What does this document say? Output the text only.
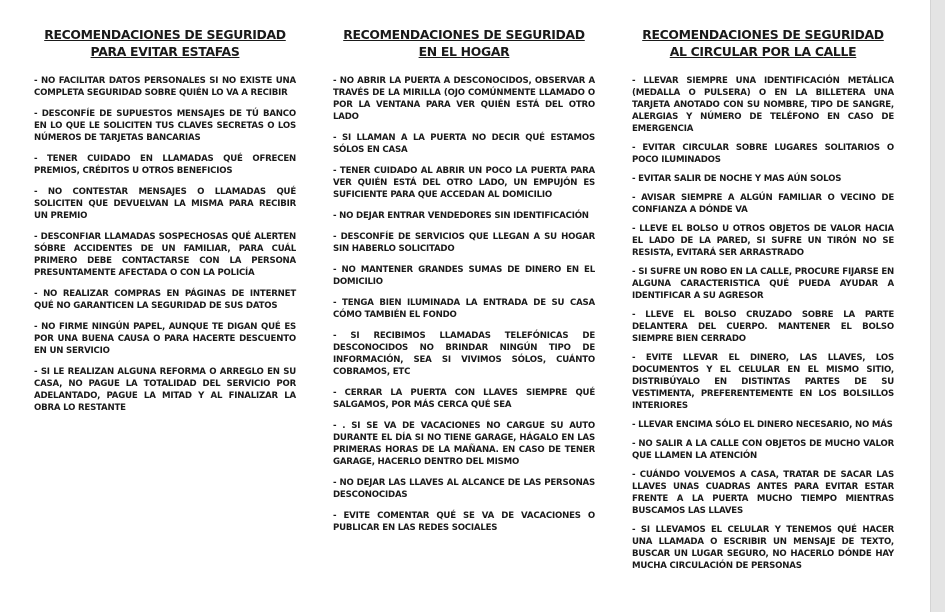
RECOMENDACIONES DE SEGURIDAD PARA EVITAR ESTAFAS
- NO FACILITAR DATOS PERSONALES SI NO EXISTE UNA COMPLETA SEGURIDAD SOBRE QUIÉN LO VA A RECIBIR
- DESCONFÍE DE SUPUESTOS MENSAJES DE TÚ BANCO EN LO QUE LE SOLICITEN TUS CLAVES SECRETAS O LOS NÚMEROS DE TARJETAS BANCARIAS
- TENER CUIDADO EN LLAMADAS QUÉ OFRECEN PREMIOS, CRÉDITOS U OTROS BENEFICIOS
- NO CONTESTAR MENSAJES O LLAMADAS QUÉ SOLICITEN QUE DEVUELVAN LA MISMA PARA RECIBIR UN PREMIO
- DESCONFIAR LLAMADAS SOSPECHOSAS QUÉ ALERTEN SÓBRE ACCIDENTES DE UN FAMILIAR, PARA CUÁL PRIMERO DEBE CONTACTARSE CON LA PERSONA PRESUNTAMENTE AFECTADA O CON LA POLICÍA
- NO REALIZAR COMPRAS EN PÁGINAS DE INTERNET QUÉ NO GARANTICEN LA SEGURIDAD DE SUS DATOS
- NO FIRME NINGÚN PAPEL, AUNQUE TE DIGAN QUÉ ES POR UNA BUENA CAUSA O PARA HACERTE DESCUENTO EN UN SERVICIO
- SI LE REALIZAN ALGUNA REFORMA O ARREGLO EN SU CASA, NO PAGUE LA TOTALIDAD DEL SERVICIO POR ADELANTADO, PAGUE LA MITAD Y AL FINALIZAR LA OBRA LO RESTANTE
RECOMENDACIONES DE SEGURIDAD EN EL HOGAR
- NO ABRIR LA PUERTA A DESCONOCIDOS, OBSERVAR A TRAVÉS DE LA MIRILLA (OJO COMÚNMENTE LLAMADO O POR LA VENTANA PARA VER QUIÉN ESTÁ DEL OTRO LADO
- SI LLAMAN A LA PUERTA NO DECIR QUÉ ESTAMOS SÓLOS EN CASA
- TENER CUIDADO AL ABRIR UN POCO LA PUERTA PARA VER QUIÉN ESTÁ DEL OTRO LADO, UN EMPUJÓN ES SUFICIENTE PARA QUE ACCEDAN AL DOMICILIO
- NO DEJAR ENTRAR VENDEDORES SIN IDENTIFICACIÓN
- DESCONFÍE DE SERVICIOS QUE LLEGAN A SU HOGAR SIN HABERLO SOLICITADO
- NO MANTENER GRANDES SUMAS DE DINERO EN EL DOMICILIO
- TENGA BIEN ILUMINADA LA ENTRADA DE SU CASA CÓMO TAMBIÉN EL FONDO
- SI RECIBIMOS LLAMADAS TELEFÓNICAS DE DESCONOCIDOS NO BRINDAR NINGÚN TIPO DE INFORMACIÓN, SEA SI VIVIMOS SÓLOS, CUÁNTO COBRAMOS, ETC
- CERRAR LA PUERTA CON LLAVES SIEMPRE QUÉ SALGAMOS, POR MÁS CERCA QUÉ SEA
- . SI SE VA DE VACACIONES NO CARGUE SU AUTO DURANTE EL DÍA SI NO TIENE GARAGE, HÁGALO EN LAS PRIMERAS HORAS DE LA MAÑANA. EN CASO DE TENER GARAGE, HACERLO DENTRO DEL MISMO
- NO DEJAR LAS LLAVES AL ALCANCE DE LAS PERSONAS DESCONOCIDAS
- EVITE COMENTAR QUÉ SE VA DE VACACIONES O PUBLICAR EN LAS REDES SOCIALES
RECOMENDACIONES DE SEGURIDAD AL CIRCULAR POR LA CALLE
- LLEVAR SIEMPRE UNA IDENTIFICACIÓN METÁLICA (MEDALLA O PULSERA) O EN LA BILLETERA UNA TARJETA ANOTADO CON SU NOMBRE, TIPO DE SANGRE, ALERGIAS Y NÚMERO DE TELÉFONO EN CASO DE EMERGENCIA
- EVITAR CIRCULAR SOBRE LUGARES SOLITARIOS O POCO ILUMINADOS
- EVITAR SALIR DE NOCHE Y MAS AÚN SOLOS
- AVISAR SIEMPRE A ALGÚN FAMILIAR O VECINO DE CONFIANZA A DÓNDE VA
- LLEVE EL BOLSO U OTROS OBJETOS DE VALOR HACIA EL LADO DE LA PARED, SI SUFRE UN TIRÓN NO SE RESISTA, EVITARÁ SER ARRASTRADO
- SI SUFRE UN ROBO EN LA CALLE, PROCURE FIJARSE EN ALGUNA CARACTERISTICA QUÉ PUEDA AYUDAR A IDENTIFICAR A SU AGRESOR
- LLEVE EL BOLSO CRUZADO SOBRE LA PARTE DELANTERA DEL CUERPO. MANTENER EL BOLSO SIEMPRE BIEN CERRADO
- EVITE LLEVAR EL DINERO, LAS LLAVES, LOS DOCUMENTOS Y EL CELULAR EN EL MISMO SITIO, DISTRIBÚYALO EN DISTINTAS PARTES DE SU VESTIMENTA, PREFERENTEMENTE EN LOS BOLSILLOS INTERIORES
- LLEVAR ENCIMA SÓLO EL DINERO NECESARIO, NO MÁS
- NO SALIR A LA CALLE CON OBJETOS DE MUCHO VALOR QUE LLAMEN LA ATENCIÓN
- CUÁNDO VOLVEMOS A CASA, TRATAR DE SACAR LAS LLAVES UNAS CUADRAS ANTES PARA EVITAR ESTAR FRENTE A LA PUERTA MUCHO TIEMPO MIENTRAS BUSCAMOS LAS LLAVES
- SI LLEVAMOS EL CELULAR Y TENEMOS QUÉ HACER UNA LLAMADA O ESCRIBIR UN MENSAJE DE TEXTO, BUSCAR UN LUGAR SEGURO, NO HACERLO DÓNDE HAY MUCHA CIRCULACIÓN DE PERSONAS
